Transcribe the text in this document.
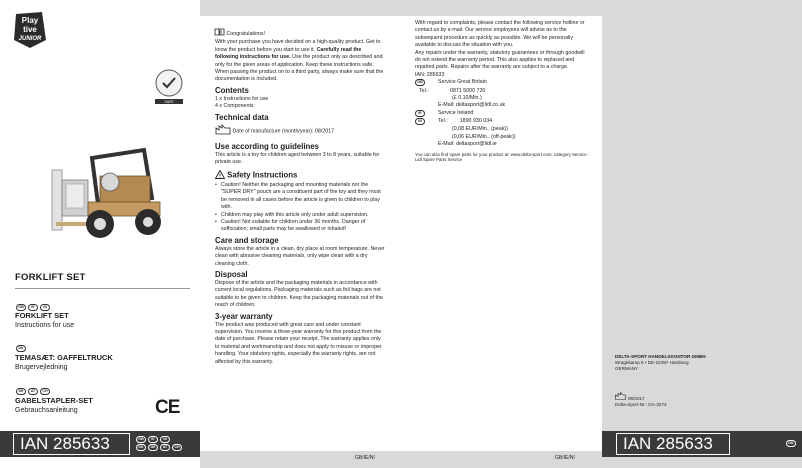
Play
tive
JUNIOR
SAFE
FORKLIFT SET
GB IE NI
FORKLIFT SET
Instructions for use
DK
TEMASÆT: GAFFELTRUCK
Brugervejledning
DE AT CH
GABELSTAPLER-SET
Gebrauchsanleitung	CE
IAN 285633	GB IE NI
DK DE AT CH

i Congratulations!

With your purchase you have decided on a high-quality product. Get to know the product before you start to use it. Carefully read the following instructions for use. Use the product only as described and only for the given areas of application. Keep these instructions safe. When passing the product on to a third party, always make sure that the documentation is included.

Contents

1 x Instructions for use

4 x Components

Technical data

Date of manufacture (month/year): 08/2017

Use according to guidelines

This article is a toy for children aged between 3 to 8 years, suitable for private use.

! Safety Instructions
• Caution! Neither the packaging and mounting materials nor the "SUPER DRY" pouch are a constituent part of the toy and they must be removed in all cases before the article is given to children to play with.
• Children may play with this article only under adult supervision.
• Caution! Not suitable for children under 36 months. Danger of suffocation; small parts may be swallowed or inhaled!
Care and storage

Always store the article in a clean, dry place at room temperature. Never clean with abrasive cleaning materials, only wipe clean with a dry cleaning cloth.

Disposal

Dispose of the article and the packaging materials in accordance with current local regulations. Packaging materials such as foil bags are not suitable to be given to children. Keep the packaging materials out of the reach of children.

3-year warranty

The product was produced with great care and under constant supervision. You receive a three-year warranty for this product from the date of purchase. Please retain your receipt. The warranty applies only to material and workmanship and does not apply to misuse or improper handling. Your statutory rights, especially the warranty rights, are not affected by this warranty.

GB/IE/NI

With regard to complaints, please contact the following service hotline or contact us by e-mail. Our service employees will advise as to the subsequent procedure as quickly as possible. We will be personally available to discuss the situation with you.

Any repairs under the warranty, statutory guarantees or through goodwill do not extend the warranty period. This also applies to replaced and repaired parts. Repairs after the warranty are subject to a charge.

IAN: 285633

GB	Service Great Britain
Tel.:	0871 5000 720
(£ 0.10/Min.)
E-Mail: deltasport@lidl.co.uk
IE	Service Ireland
NI	Tel.:	1890 930 034
(0,08 EUR/Min., (peak))
(0,06 EUR/Min., (off-peak))
E-Mail: deltasport@lidl.ie

You can also find spare parts for your product at: www.delta-sport.com, category Service - Lidl Spare Parts Service

GB/IE/NI
DELTA-SPORT HANDELSKONTOR GMBH
Wragekamp 6 • DE-22397 Hamburg
GERMANY
08/2017
Delta-Sport-Nr.: GA-3273
IAN 285633	DK
